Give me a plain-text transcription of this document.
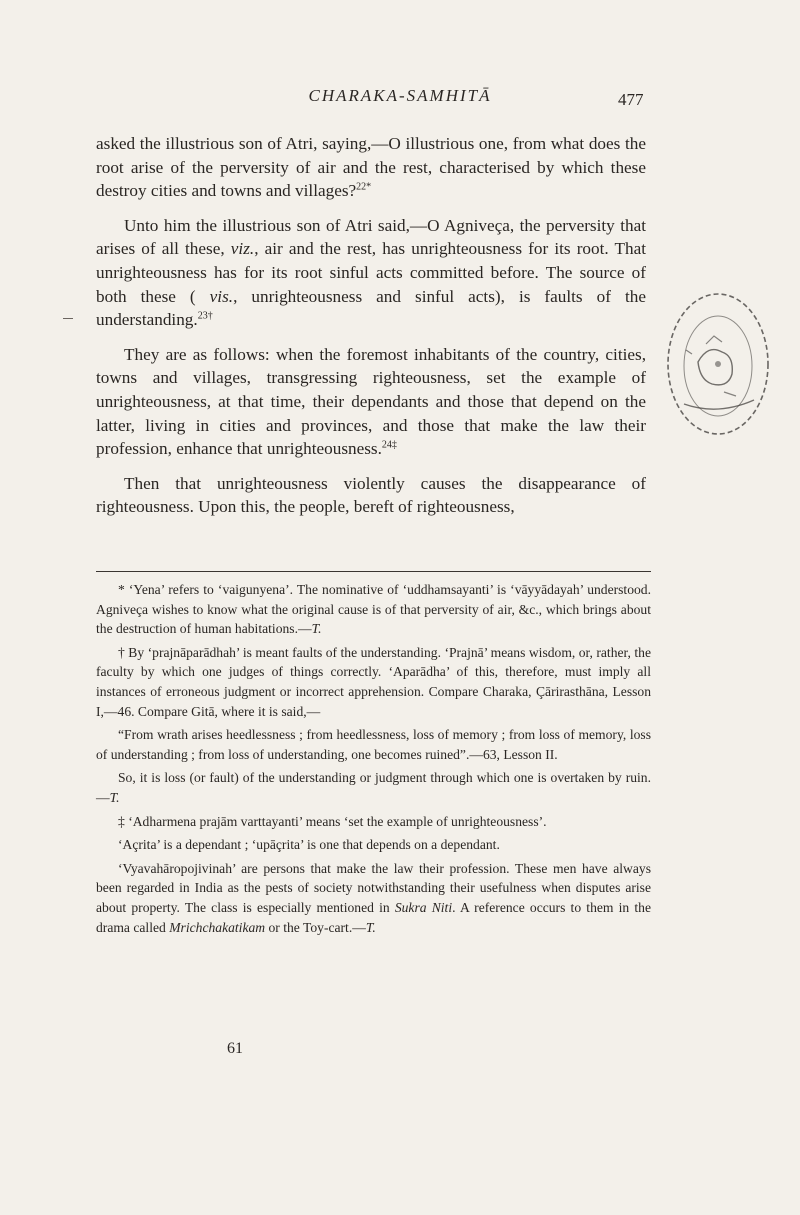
CHARAKA-SAMHITĀ	477

asked the illustrious son of Atri, saying,—O illustrious one, from what does the root arise of the perversity of air and the rest, characterised by which these destroy cities and towns and villages?$^{22*}$

Unto him the illustrious son of Atri said,—O Agniveça, the perversity that arises of all these, viz., air and the rest, has unrighteousness for its root. That unrighteousness has for its root sinful acts committed before. The source of both these ( vis., unrighteousness and sinful acts), is faults of the understanding.$^{23\dagger}$

They are as follows: when the foremost inhabitants of the country, cities, towns and villages, transgressing righteousness, set the example of unrighteousness, at that time, their dependants and those that depend on the latter, living in cities and provinces, and those that make the law their profession, enhance that unrighteousness.$^{24\ddagger}$

Then that unrighteousness violently causes the disappearance of righteousness. Upon this, the people, bereft of righteousness,

* ‘Yena’ refers to ‘vaigunyena’. The nominative of ‘uddhamsayanti’ is ‘vāyyādayah’ understood. Agniveça wishes to know what the original cause is of that perversity of air, &c., which brings about the destruction of human habitations.—T.

† By ‘prajnāparādhah’ is meant faults of the understanding. ‘Prajnā’ means wisdom, or, rather, the faculty by which one judges of things correctly. ‘Aparādha’ of this, therefore, must imply all instances of erroneous judgment or incorrect apprehension. Compare Charaka, Çārirasthāna, Lesson I,—46. Compare Gitā, where it is said,—

“From wrath arises heedlessness ; from heedlessness, loss of memory ; from loss of memory, loss of understanding ; from loss of understanding, one becomes ruined”.—63, Lesson II.

So, it is loss (or fault) of the understanding or judgment through which one is overtaken by ruin.—T.

‡ ‘Adharmena prajām varttayanti’ means ‘set the example of unrighteousness’.

‘Açrita’ is a dependant ; ‘upāçrita’ is one that depends on a dependant.

‘Vyavahāropojivinah’ are persons that make the law their profession. These men have always been regarded in India as the pests of society notwithstanding their usefulness when disputes arise about property. The class is especially mentioned in Sukra Niti. A reference occurs to them in the drama called Mrichchakatikam or the Toy-cart.—T.

61
